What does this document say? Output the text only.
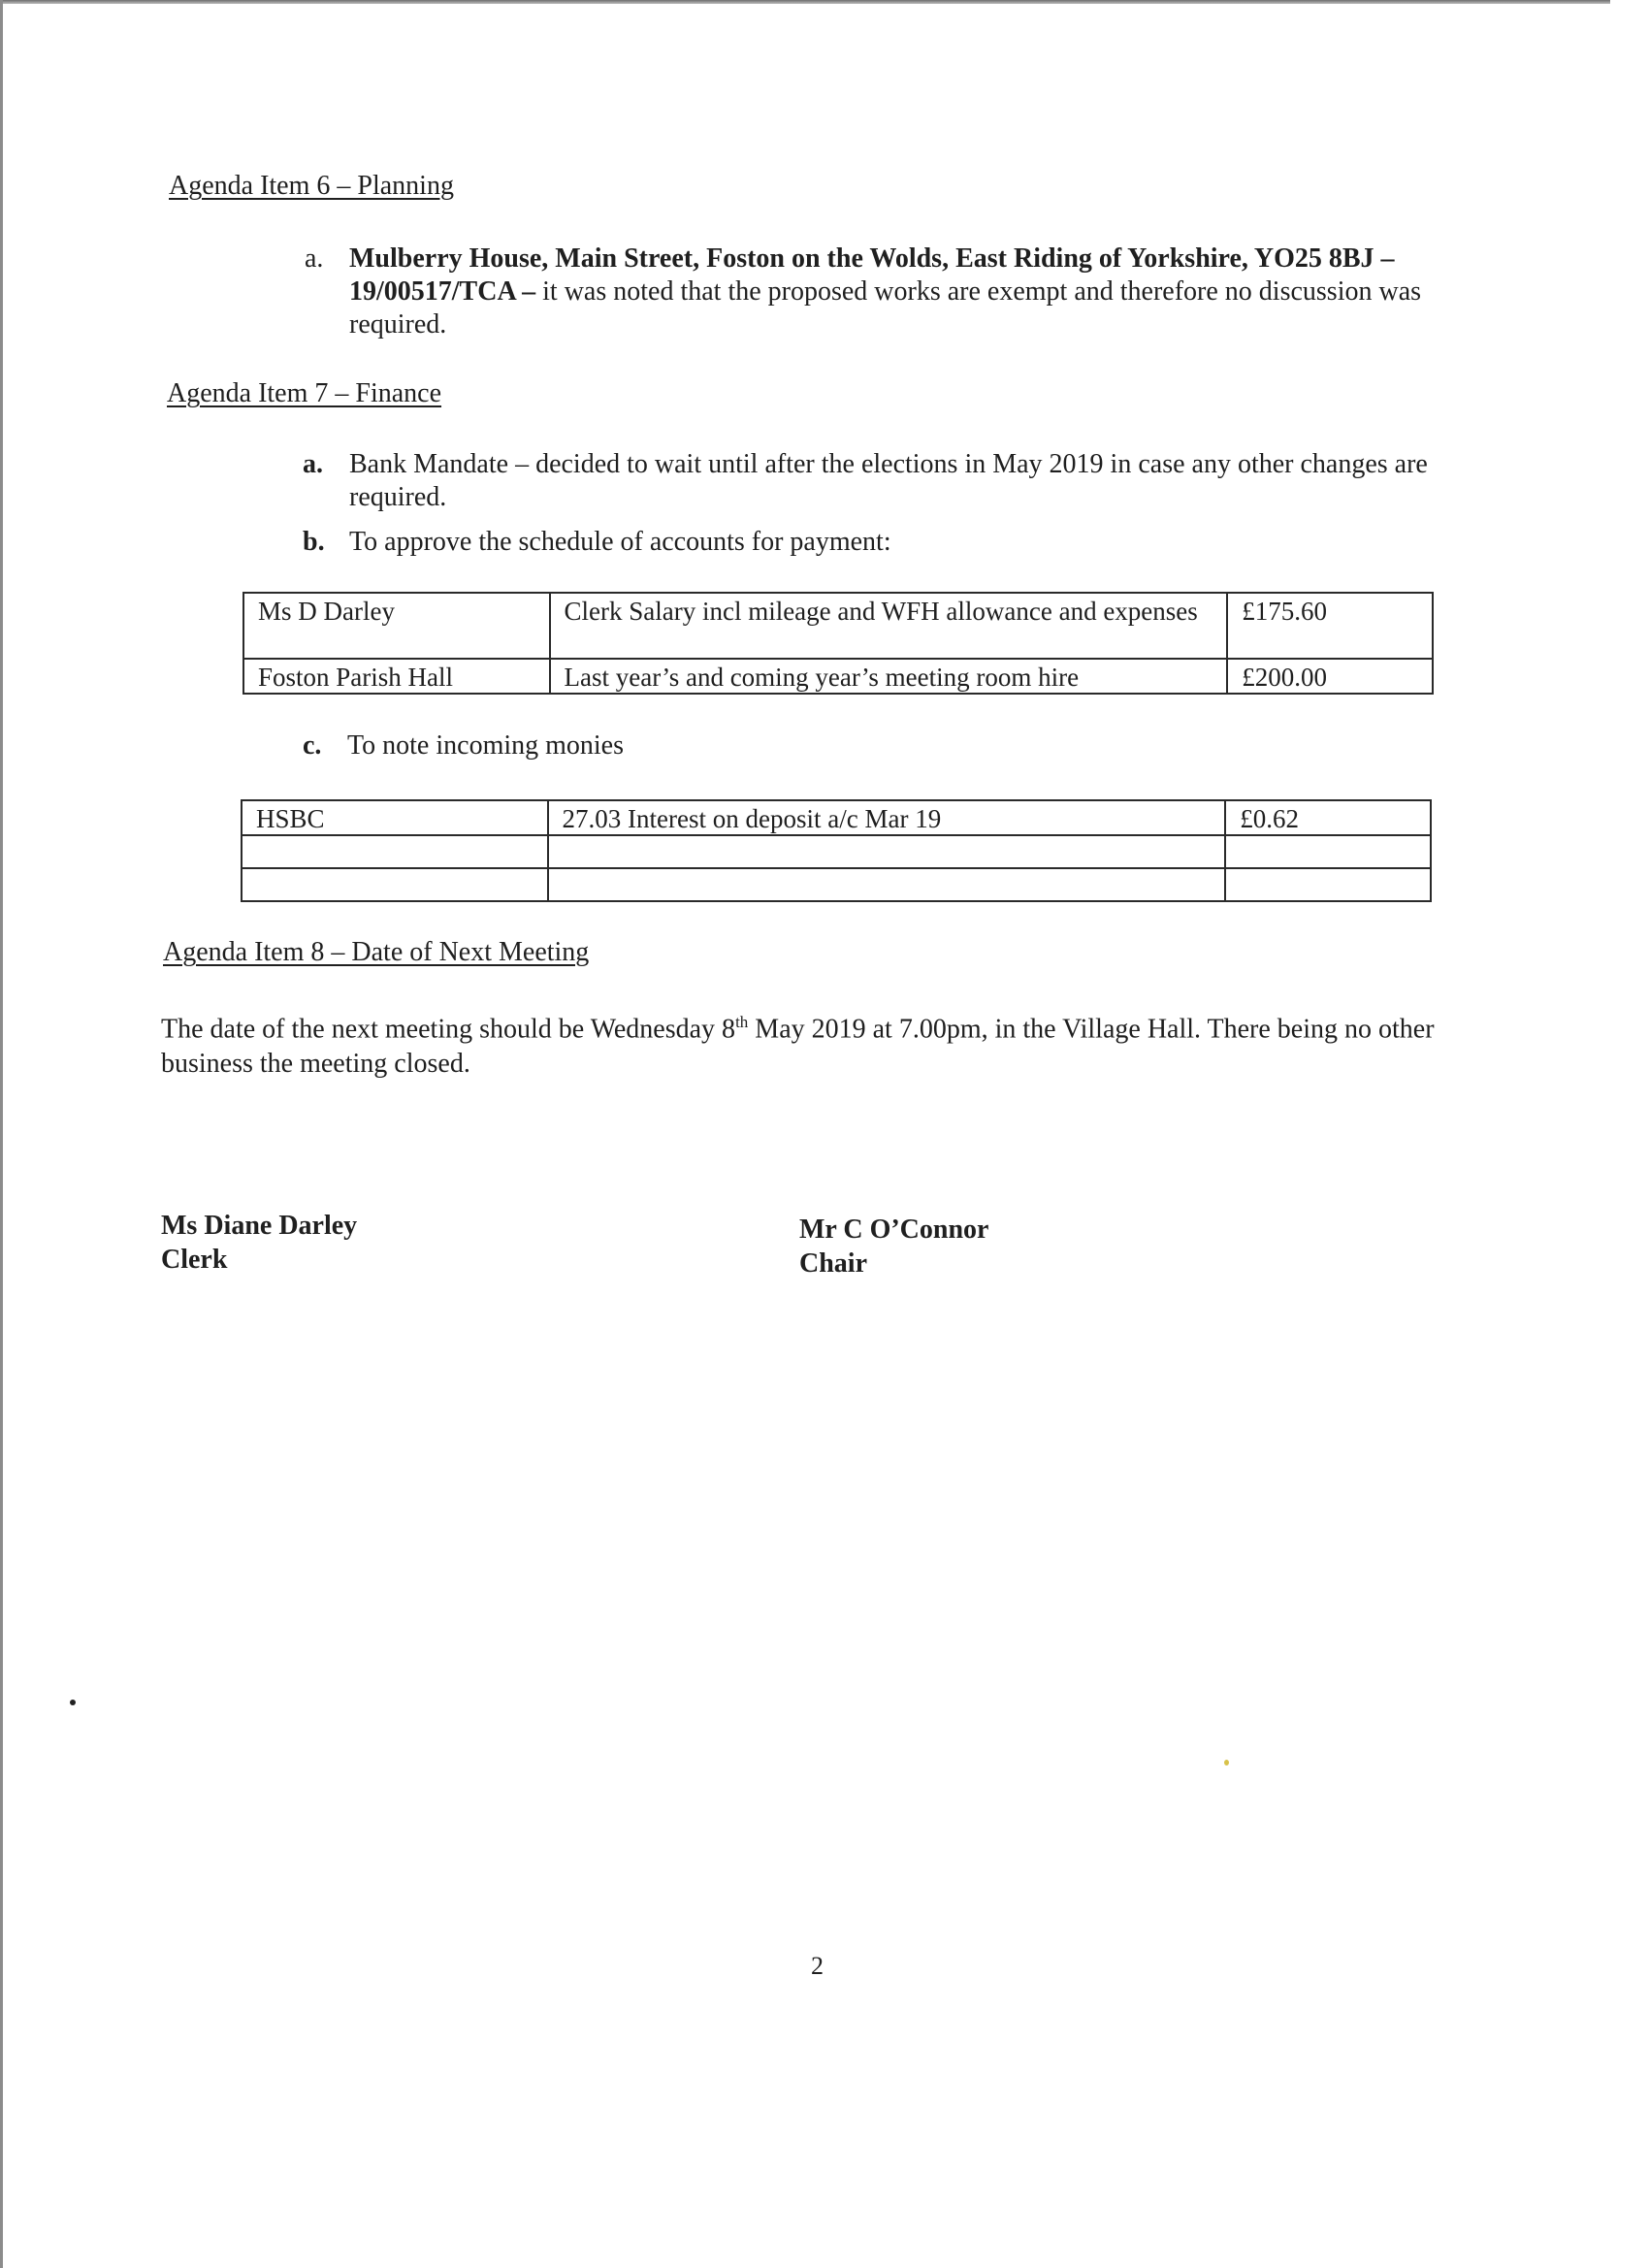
Agenda Item 6 – Planning
a. Mulberry House, Main Street, Foston on the Wolds, East Riding of Yorkshire, YO25 8BJ – 19/00517/TCA – it was noted that the proposed works are exempt and therefore no discussion was required.
Agenda Item 7 – Finance
a. Bank Mandate – decided to wait until after the elections in May 2019 in case any other changes are required.
b. To approve the schedule of accounts for payment:
Ms D Darley	Clerk Salary incl mileage and WFH allowance and expenses	£175.60
Foston Parish Hall	Last year’s and coming year’s meeting room hire	£200.00
c. To note incoming monies
HSBC	27.03 Interest on deposit a/c Mar 19	£0.62

Agenda Item 8 – Date of Next Meeting
The date of the next meeting should be Wednesday 8th May 2019 at 7.00pm, in the Village Hall. There being no other business the meeting closed.
Ms Diane Darley
Clerk
Mr C O’Connor
Chair
2
